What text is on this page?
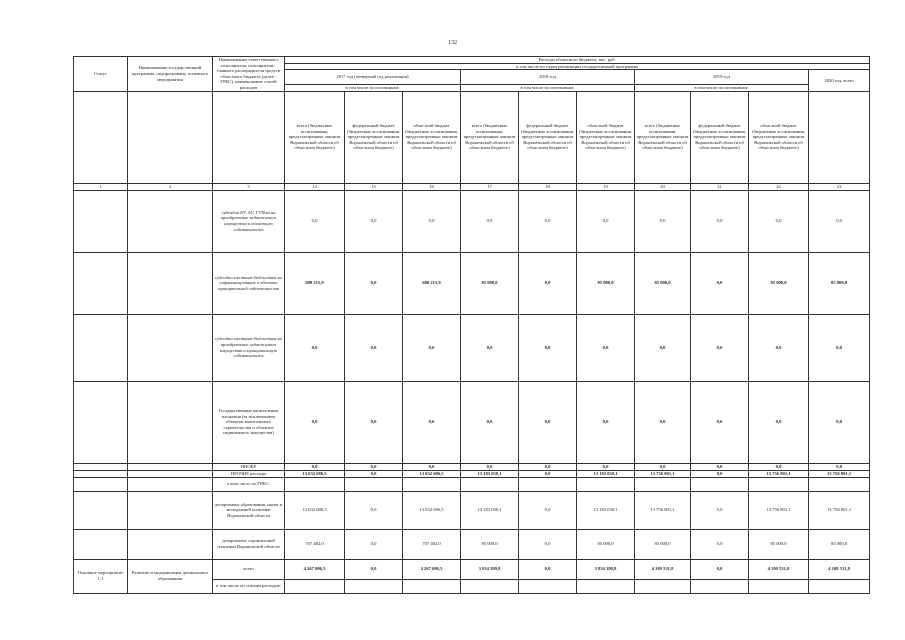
132
Статус	Наименование государственной программы, подпрограммы, основного мероприятия	Наименование ответственного исполнителя, исполнителя - главного распорядителя средств областного бюджета (далее - ГРБС), наименование статей расходов	Расходы областного бюджета, тыс. руб.									
			в том числе по годам реализации государственной программы									
			2017 год (четвертый год реализации)			2018 год			2019 год			2020 год, всего
			в том числе по источникам:			в том числе по источникам:			в том числе по источникам:			
			всего (бюджетные ассигнования, предусмотренные законом Воронежской области об областном бюджете)	федеральный бюджет (бюджетные ассигнования, предусмотренные законом Воронежской области об областном бюджете)	областной бюджет (бюджетные ассигнования, предусмотренные законом Воронежской области об областном бюджете)	всего (бюджетные ассигнования, предусмотренные законом Воронежской области об областном бюджете)	федеральный бюджет (бюджетные ассигнования, предусмотренные законом Воронежской области об областном бюджете)	областной бюджет (бюджетные ассигнования, предусмотренные законом Воронежской области об областном бюджете)	всего (бюджетные ассигнования, предусмотренные законом Воронежской области об областном бюджете)	федеральный бюджет (бюджетные ассигнования, предусмотренные законом Воронежской области об областном бюджете)	областной бюджет (бюджетные ассигнования, предусмотренные законом Воронежской области об областном бюджете)	
1	2	3	14	15	16	17	18	19	20	21	22	23
		субсидии БУ, АУ, ГУПам на приобретение недвижимого имущества в областную собственность	0,0	0,0	0,0	0,0	0,0	0,0	0,0	0,0	0,0	0,0
		субсидии местным бюджетам на софинансирование в объекты муниципальной собственности	680 215,9	0,0	680 215,9	85 000,0	0,0	85 000,0	85 000,0	0,0	85 000,0	85 000,0
		субсидии местным бюджетам на приобретение недвижимого имущества в муниципальную собственность	0,0	0,0	0,0	0,0	0,0	0,0	0,0	0,0	0,0	0,0
		Государственные капитальные вложения (за исключением объектов капитального строительства и объектов недвижимого имущества)	0,0	0,0	0,0	0,0	0,0	0,0	0,0	0,0	0,0	0,0
		НИОКР	0,0	0,0	0,0	0,0	0,0	0,0	0,0	0,0	0,0	0,0
		ПРОЧИЕ расходы	13 632 686,5	0,0	13 632 686,5	13 183 030,1	0,0	13 183 030,1	13 756 801,1	0,0	13 756 801,1	13 756 801,1
		в том числе по ГРБС:										
		департамент образования, науки и молодежной политики Воронежской области	13 632 686,5	0,0	13 632 686,5	13 183 030,1	0,0	13 183 030,1	13 756 801,1	0,0	13 756 801,1	13 756 801,1
		департамент строительной политики Воронежской области	707 482,0	0,0	707 482,0	85 000,0	0,0	85 000,0	85 000,0	0,0	85 000,0	85 000,0
Основное мероприятие 1.1	Развитие и модернизация дошкольного образования	всего	4 267 086,5	0,0	4 267 086,5	3 934 399,8	0,0	3 934 399,8	4 109 531,8	0,0	4 109 531,8	4 109 531,8
		в том числе по статьям расходов:										
